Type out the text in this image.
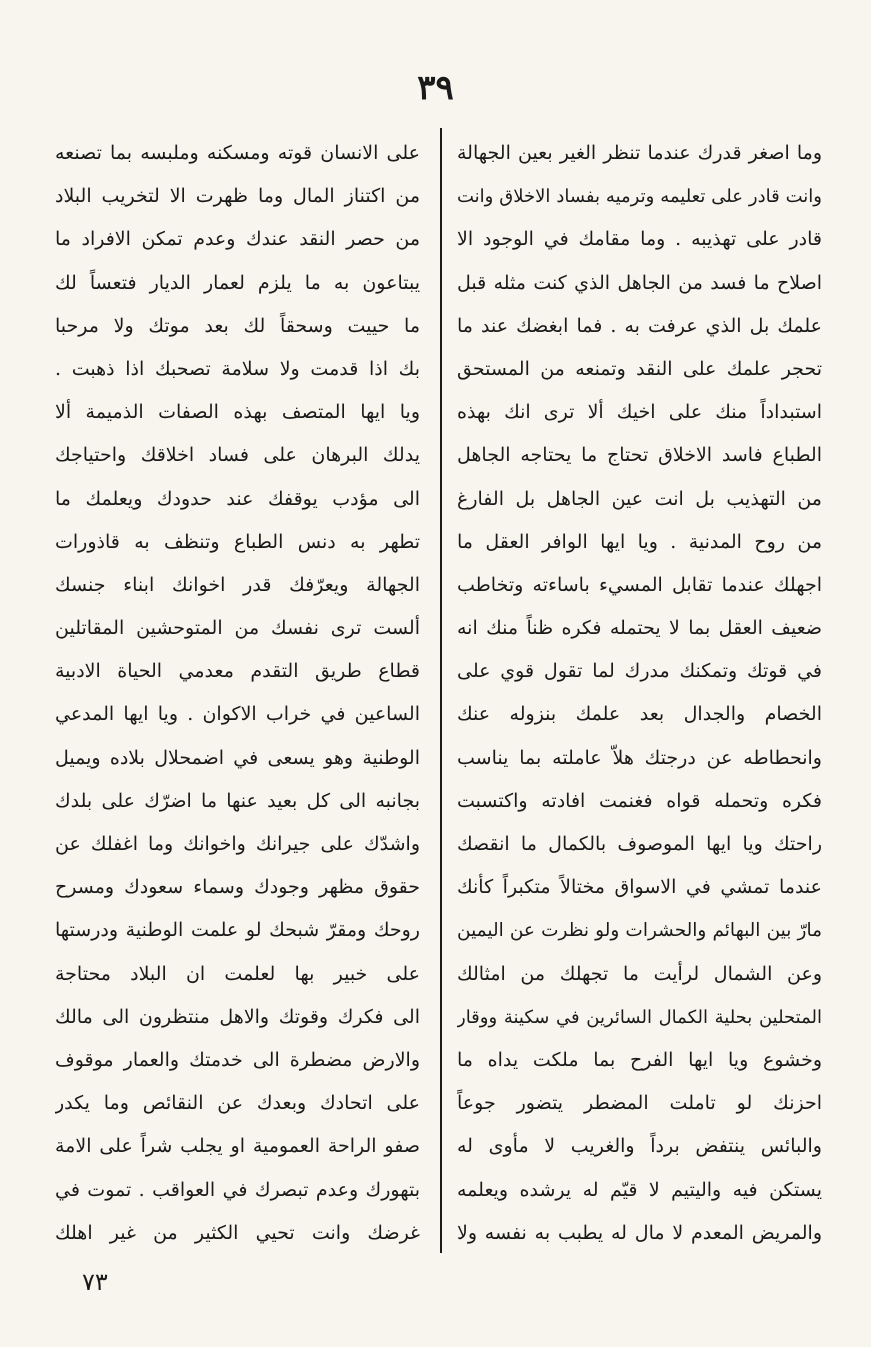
٣٩
وما اصغر قدرك عندما تنظر الغير بعين الجهالة
وانت قادر على تعليمه وترميه بفساد الاخلاق وانت
قادر على تهذيبه . وما مقامك في الوجود الا
اصلاح ما فسد من الجاهل الذي كنت مثله قبل
علمك بل الذي عرفت به . فما ابغضك عند ما
تحجر علمك على النقد وتمنعه من المستحق
استبداداً منك على اخيك ألا ترى انك بهذه
الطباع فاسد الاخلاق تحتاج ما يحتاجه الجاهل
من التهذيب بل انت عين الجاهل بل الفارغ
من روح المدنية . ويا ايها الوافر العقل ما
اجهلك عندما تقابل المسيء باساءته وتخاطب
ضعيف العقل بما لا يحتمله فكره ظناً منك انه
في قوتك وتمكنك مدرك لما تقول قوي على
الخصام والجدال بعد علمك بنزوله عنك
وانحطاطه عن درجتك هلاّ عاملته بما يناسب
فكره وتحمله قواه فغنمت افادته واكتسبت
راحتك ويا ايها الموصوف بالكمال ما انقصك
عندما تمشي في الاسواق مختالاً متكبراً كأنك
مارّ بين البهائم والحشرات ولو نظرت عن اليمين
وعن الشمال لرأيت ما تجهلك من امثالك
المتحلين بحلية الكمال السائرين في سكينة ووقار
وخشوع ويا ايها الفرح بما ملكت يداه ما
احزنك لو تاملت المضطر يتضور جوعاً
والبائس ينتفض برداً والغريب لا مأوى له
يستكن فيه واليتيم لا قيّم له يرشده ويعلمه
والمريض المعدم لا مال له يطبب به نفسه ولا
على الانسان قوته ومسكنه وملبسه بما تصنعه
من اكتناز المال وما ظهرت الا لتخريب البلاد
من حصر النقد عندك وعدم تمكن الافراد ما
يبتاعون به ما يلزم لعمار الديار فتعساً لك
ما حييت وسحقاً لك بعد موتك ولا مرحبا
بك اذا قدمت ولا سلامة تصحبك اذا ذهبت .
ويا ايها المتصف بهذه الصفات الذميمة ألا
يدلك البرهان على فساد اخلاقك واحتياجك
الى مؤدب يوقفك عند حدودك ويعلمك ما
تطهر به دنس الطباع وتنظف به قاذورات
الجهالة ويعرّفك قدر اخوانك ابناء جنسك
ألست ترى نفسك من المتوحشين المقاتلين
قطاع طريق التقدم معدمي الحياة الادبية
الساعين في خراب الاكوان . ويا ايها المدعي
الوطنية وهو يسعى في اضمحلال بلاده ويميل
بجانبه الى كل بعيد عنها ما اضرّك على بلدك
واشدّك على جيرانك واخوانك وما اغفلك عن
حقوق مظهر وجودك وسماء سعودك ومسرح
روحك ومقرّ شبحك لو علمت الوطنية ودرستها
على خبير بها لعلمت ان البلاد محتاجة
الى فكرك وقوتك والاهل منتظرون الى مالك
والارض مضطرة الى خدمتك والعمار موقوف
على اتحادك وبعدك عن النقائص وما يكدر
صفو الراحة العمومية او يجلب شراً على الامة
بتهورك وعدم تبصرك في العواقب . تموت في
غرضك وانت تحيي الكثير من غير اهلك
٧٣
